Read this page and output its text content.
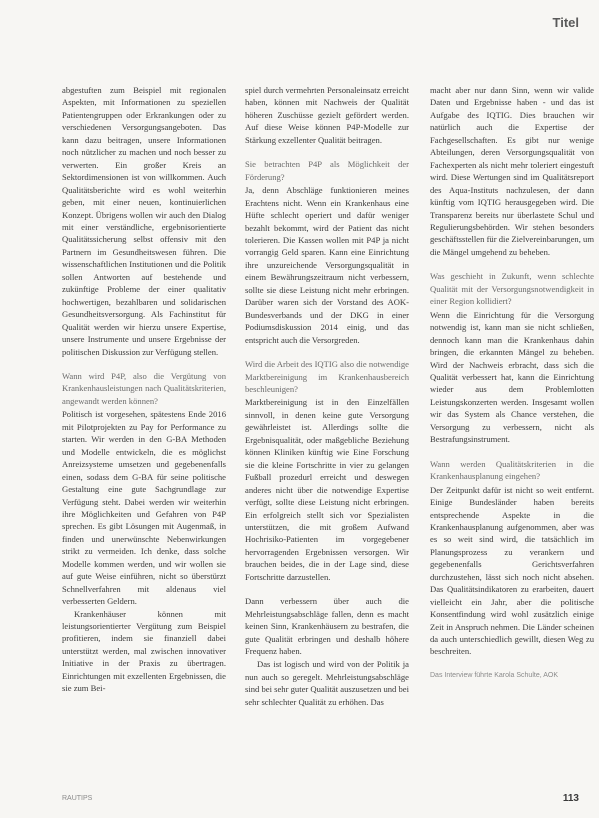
Titel

abgestuften zum Beispiel mit regionalen Aspekten, mit Informationen zu speziellen Patientengruppen oder Erkrankungen oder zu verschiedenen Versorgungsangeboten. Das kann dazu beitragen, unsere Informationen noch nützlicher zu machen und noch besser zu verwerten. Ein großer Kreis an Sektordimensionen ist von willkommen. Auch Qualitätsberichte wird es wohl weiterhin geben, mit einer neuen, kontinuierlichen Konzept. Übrigens wollen wir auch den Dialog mit einer verständliche, ergebnisorientierte Qualitätssicherung selbst offensiv mit den Partnern im Gesundheitswesen führen. Die wissenschaftlichen Institutionen und die Politik sollen Antworten auf bestehende und zukünftige Probleme der einer qualitativ hochwertigen, bezahlbaren und solidarischen Gesundheitsversorgung. Als Fachinstitut für Qualität werden wir hierzu unsere Expertise, unsere Instrumente und unsere Ergebnisse der politischen Diskussion zur Verfügung stellen.

Wann wird P4P, also die Vergütung von Krankenhausleistungen nach Qualitätskriterien, angewandt werden können?

Politisch ist vorgesehen, spätestens Ende 2016 mit Pilotprojekten zu Pay for Performance zu starten. Wir werden in den G-BA Methoden und Modelle entwickeln, die es möglichst Anreizsysteme umsetzen und gegebenenfalls einen, sodass dem G-BA für seine politische Gestaltung eine gute Sachgrundlage zur Verfügung steht. Dabei werden wir weiterhin ihre Möglichkeiten und Gefahren von P4P sprechen. Es gibt Lösungen mit Augenmaß, in finden und unerwünschte Nebenwirkungen strikt zu vermeiden. Ich denke, dass solche Modelle kommen werden, und wir wollen sie auf gute Weise einführen, nicht so überstürzt Schnellverfahren mit aldenaus viel verbesserten Geldern.

Krankenhäuser können mit leistungsorientierter Vergütung zum Beispiel profitieren, indem sie finanziell dabei unterstützt werden, mal zwischen innovativer Initiative in der Praxis zu übertragen. Einrichtungen mit exzellenten Ergebnissen, die sie zum Bei-

spiel durch vermehrten Personaleinsatz erreicht haben, können mit Nachweis der Qualität höheren Zuschüsse gezielt gefördert werden. Auf diese Weise können P4P-Modelle zur Stärkung exzellenter Qualität beitragen.

Sie betrachten P4P als Möglichkeit der Förderung?

Ja, denn Abschläge funktionieren meines Erachtens nicht. Wenn ein Krankenhaus eine Hüfte schlecht operiert und dafür weniger bezahlt bekommt, wird der Patient das nicht tolerieren. Die Kassen wollen mit P4P ja nicht vorrangig Geld sparen. Kann eine Einrichtung ihre unzureichende Versorgungsqualität in einem Bewährungszeitraum nicht verbessern, sollte sie diese Leistung nicht mehr erbringen. Darüber waren sich der Vorstand des AOK-Bundesverbands und der DKG in einer Podiumsdiskussion 2014 einig, und das entspricht auch die Versorgreden.

Wird die Arbeit des IQTIG also die notwendige Marktbereinigung im Krankenhausbereich beschleunigen?

Marktbereinigung ist in den Einzelfällen sinnvoll, in denen keine gute Versorgung gewährleistet ist. Allerdings sollte die Ergebnisqualität, oder maßgebliche Beziehung können Kliniken künftig wie Eine Forschung sie die kleine Fortschritte in vier zu gelangen Fußball prozedurl erreicht und deswegen anderes nicht über die notwendige Expertise verfügt, sollte diese Leistung nicht erbringen. Ein erfolgreich stellt sich vor Spezialisten unterstützen, die mit großem Aufwand Hochrisiko-Patienten im vorgegebener hervorragenden Ergebnissen versorgen. Wir brauchen beides, die in der Lage sind, diese Fortschritte darzustellen.

Dann verbessern über auch die Mehrleistungsabschläge fallen, denn es macht keinen Sinn, Krankenhäusern zu bestrafen, die gute Qualität erbringen und deshalb höhere Frequenz haben.

Das ist logisch und wird von der Politik ja nun auch so geregelt. Mehrleistungsabschläge sind bei sehr guter Qualität auszusetzen und bei sehr schlechter Qualität zu erhöhen. Das

macht aber nur dann Sinn, wenn wir valide Daten und Ergebnisse haben - und das ist Aufgabe des IQTIG. Dies brauchen wir natürlich auch die Expertise der Fachgesellschaften. Es gibt nur wenige Abteilungen, deren Versorgungsqualität von Fachexperten als nicht mehr toleriert eingestuft wird. Diese Wertungen sind im Qualitätsreport des Aqua-Instituts nachzulesen, der dann künftig vom IQTIG herausgegeben wird. Die Transparenz bereits nur überlastete Schul und Regulierungsbehörden. Wir stehen besonders geschäftsstellen für die Zielvereinbarungen, um die Mängel umgehend zu beheben.

Was geschieht in Zukunft, wenn schlechte Qualität mit der Versorgungsnotwendigkeit in einer Region kollidiert?

Wenn die Einrichtung für die Versorgung notwendig ist, kann man sie nicht schließen, dennoch kann man die Krankenhaus dahin bringen, die erkannten Mängel zu beheben. Wird der Nachweis erbracht, dass sich die Qualität verbessert hat, kann die Einrichtung wieder aus dem Problemlotten Leistungskonzerten werden. Insgesamt wollen wir das System als Chance verstehen, die Versorgung zu verbessern, nicht als Bestrafungsinstrument.

Wann werden Qualitätskriterien in die Krankenhausplanung eingehen?

Der Zeitpunkt dafür ist nicht so weit entfernt. Einige Bundesländer haben bereits entsprechende Aspekte in die Krankenhausplanung aufgenommen, aber was es so weit sind wird, die tatsächlich im Planungsprozess zu verankern und gegebenenfalls Gerichtsverfahren durchzustehen, lässt sich noch nicht absehen. Das Qualitätsindikatoren zu erarbeiten, dauert vielleicht ein Jahr, aber die politische Konsentfindung wird wohl zusätzlich einige Zeit in Anspruch nehmen. Die Länder scheinen da auch unterschiedlich gewillt, diesen Weg zu beschreiten.

Das Interview führte Karola Schulte, AOK

RAUTIPS	113
